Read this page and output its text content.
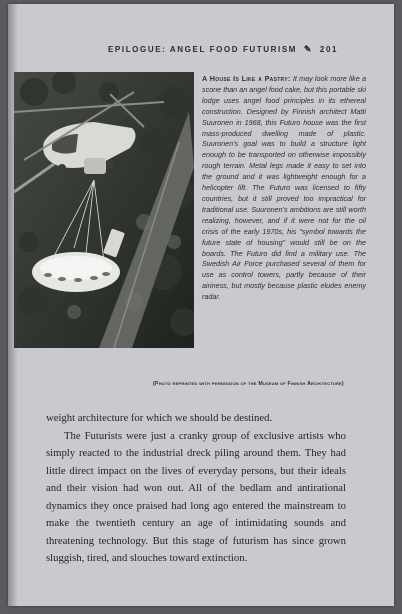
EPILOGUE: ANGEL FOOD FUTURISM ✎ 201
A House Is Like a Pastry: It may look more like a scone than an angel food cake, but this portable ski lodge uses angel food principles in its ethereal construction. Designed by Finnish architect Matti Suuronen in 1968, this Futuro house was the first mass-produced dwelling made of plastic. Suuronen’s goal was to build a structure light enough to be transported on otherwise impossibly rough terrain. Metal legs made it easy to set into the ground and it was lightweight enough for a helicopter lift. The Futuro was licensed to fifty countries, but it still proved too impractical for traditional use. Suuronen’s ambitions are still worth realizing, however, and if it were not for the oil crisis of the early 1970s, his “symbol towards the future state of housing” would still be on the boards. The Futuro did find a military use. The Swedish Air Force purchased several of them for use as control towers, partly because of their airiness, but mostly because plastic eludes enemy radar.
(Photo reprinted with permission of the Museum of Finnish Architecture)

weight architecture for which we should be destined.

The Futurists were just a cranky group of exclusive artists who simply reacted to the industrial dreck piling around them. They had little direct impact on the lives of everyday persons, but their ideals and their vision had won out. All of the bedlam and antirational dynamics they once praised had long ago entered the mainstream to make the twentieth century an age of intimidating sounds and threatening technology. But this stage of futurism has since grown sluggish, tired, and slouches toward extinction.
